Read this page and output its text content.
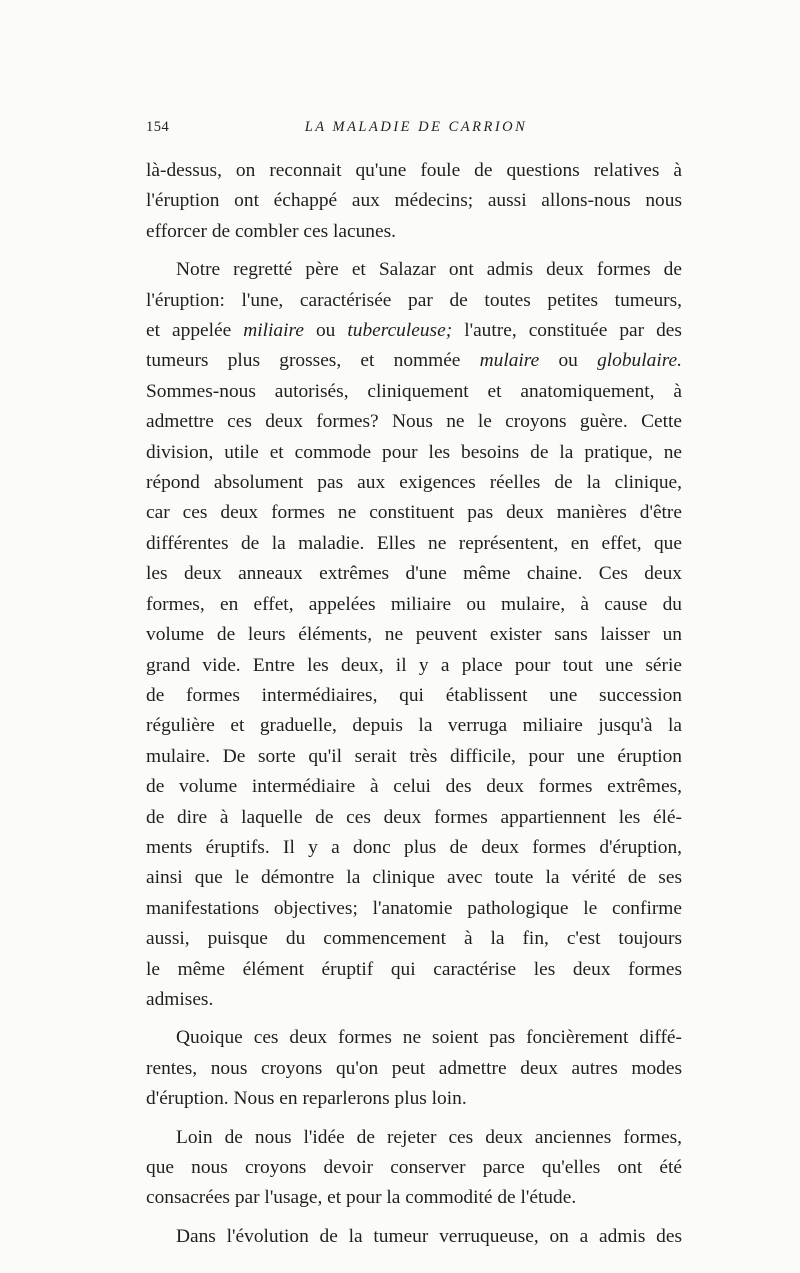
154	LA MALADIE DE CARRION

là-dessus, on reconnait qu'une foule de questions relatives à
l'éruption ont échappé aux médecins; aussi allons-nous nous
efforcer de combler ces lacunes.

Notre regretté père et Salazar ont admis deux formes de
l'éruption: l'une, caractérisée par de toutes petites tumeurs,
et appelée miliaire ou tuberculeuse; l'autre, constituée par des
tumeurs plus grosses, et nommée mulaire ou globulaire.
Sommes-nous autorisés, cliniquement et anatomiquement, à
admettre ces deux formes? Nous ne le croyons guère. Cette
division, utile et commode pour les besoins de la pratique, ne
répond absolument pas aux exigences réelles de la clinique,
car ces deux formes ne constituent pas deux manières d'être
différentes de la maladie. Elles ne représentent, en effet, que
les deux anneaux extrêmes d'une même chaine. Ces deux
formes, en effet, appelées miliaire ou mulaire, à cause du
volume de leurs éléments, ne peuvent exister sans laisser un
grand vide. Entre les deux, il y a place pour tout une série
de formes intermédiaires, qui établissent une succession
régulière et graduelle, depuis la verruga miliaire jusqu'à la
mulaire. De sorte qu'il serait très difficile, pour une éruption
de volume intermédiaire à celui des deux formes extrêmes,
de dire à laquelle de ces deux formes appartiennent les élé-
ments éruptifs. Il y a donc plus de deux formes d'éruption,
ainsi que le démontre la clinique avec toute la vérité de ses
manifestations objectives; l'anatomie pathologique le confirme
aussi, puisque du commencement à la fin, c'est toujours
le même élément éruptif qui caractérise les deux formes
admises.

Quoique ces deux formes ne soient pas foncièrement diffé-
rentes, nous croyons qu'on peut admettre deux autres modes
d'éruption. Nous en reparlerons plus loin.

Loin de nous l'idée de rejeter ces deux anciennes formes,
que nous croyons devoir conserver parce qu'elles ont été
consacrées par l'usage, et pour la commodité de l'étude.

Dans l'évolution de la tumeur verruqueuse, on a admis des
